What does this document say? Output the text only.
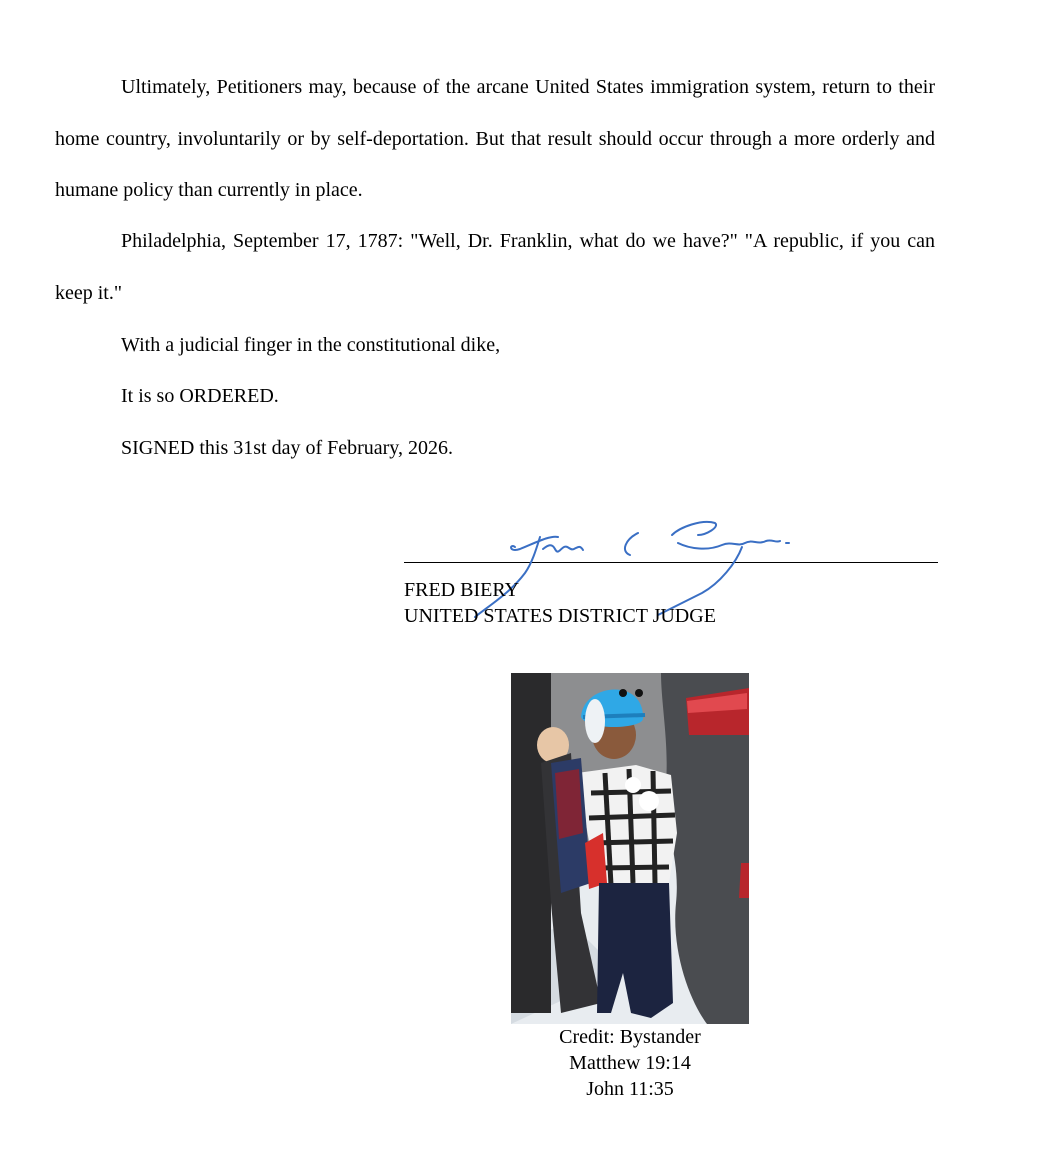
Ultimately, Petitioners may, because of the arcane United States immigration system, return to their home country, involuntarily or by self-deportation. But that result should occur through a more orderly and humane policy than currently in place.

Philadelphia, September 17, 1787: "Well, Dr. Franklin, what do we have?" "A republic, if you can keep it."

With a judicial finger in the constitutional dike,

It is so ORDERED.

SIGNED this 31st day of February, 2026.

FRED BIERY
UNITED STATES DISTRICT JUDGE
Credit: Bystander
Matthew 19:14
John 11:35
